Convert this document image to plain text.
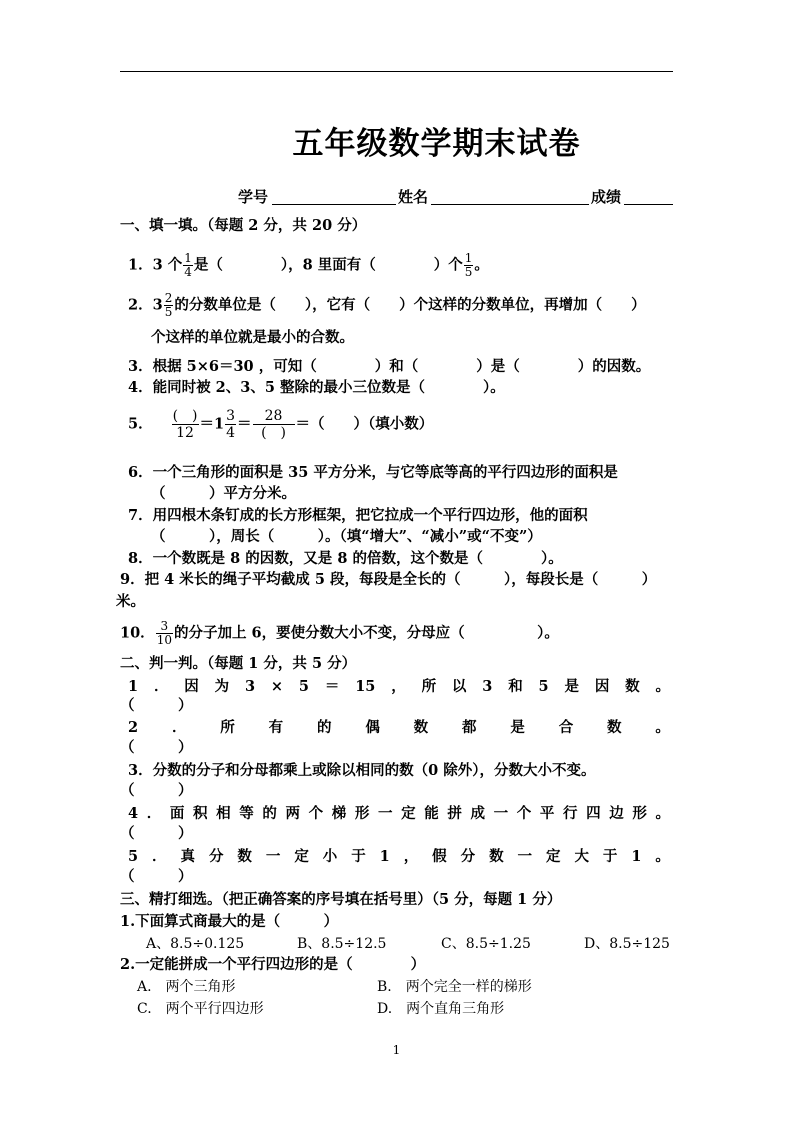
五年级数学期末试卷
学号	姓名	成绩
一、填一填。（每题 2 分，共 20 分）
1．3 个 $\frac{1}{4}$ 是（　　　　），8 里面有（　　　　）个 $\frac{1}{5}$ 。
2．$3 \frac{2}{5}$ 的分数单位是（　　），它有（　　）个这样的分数单位，再增加（　　）
个这样的单位就是最小的合数。
3．根据 5×6＝30 ，可知（　　　　）和（　　　　）是（　　　　）的因数。
4．能同时被 2、3、5 整除的最小三位数是（　　　　）。
5． $\frac{( )}{12} =1 \frac{3}{4} = \frac{28}{( )}$ ＝（　　）（填小数）
6．一个三角形的面积是 35 平方分米，与它等底等高的平行四边形的面积是
（　　　）平方分米。
7．用四根木条钉成的长方形框架，把它拉成一个平行四边形，他的面积
（　　　），周长（　　　）。（填“增大”、“减小”或“不变”）
8．一个数既是 8 的因数，又是 8 的倍数，这个数是（　　　　）。
9．把 4 米长的绳子平均截成 5 段，每段是全长的（　　　），每段长是（　　　）
米。
10． $\frac{3}{10}$ 的分子加上 6，要使分数大小不变，分母应（　　　　　）。
二、判一判。（每题 1 分，共 5 分）
1 ． 因 为 3 × 5 ＝ 15 ， 所 以 3 和 5 是 因 数 。
（　　　）
2 ． 所 有 的 偶 数 都 是 合 数 。
（　　　）
3．分数的分子和分母都乘上或除以相同的数（0 除外），分数大小不变。
（　　　）
4 ． 面 积 相 等 的 两 个 梯 形 一 定 能 拼 成 一 个 平 行 四 边 形 。
（　　　）
5 ． 真 分 数 一 定 小 于 1 ， 假 分 数 一 定 大 于 1 。
（　　　）
三、精打细选。（把正确答案的序号填在括号里）（5 分，每题 1 分）
1.下面算式商最大的是（　　　）
A、8.5÷0.125	B、8.5÷12.5	C、8.5÷1.25	D、8.5÷125
2.一定能拼成一个平行四边形的是（　　　　）
A.　两个三角形	B.　两个完全一样的梯形
C.　两个平行四边形	D.　两个直角三角形
1
